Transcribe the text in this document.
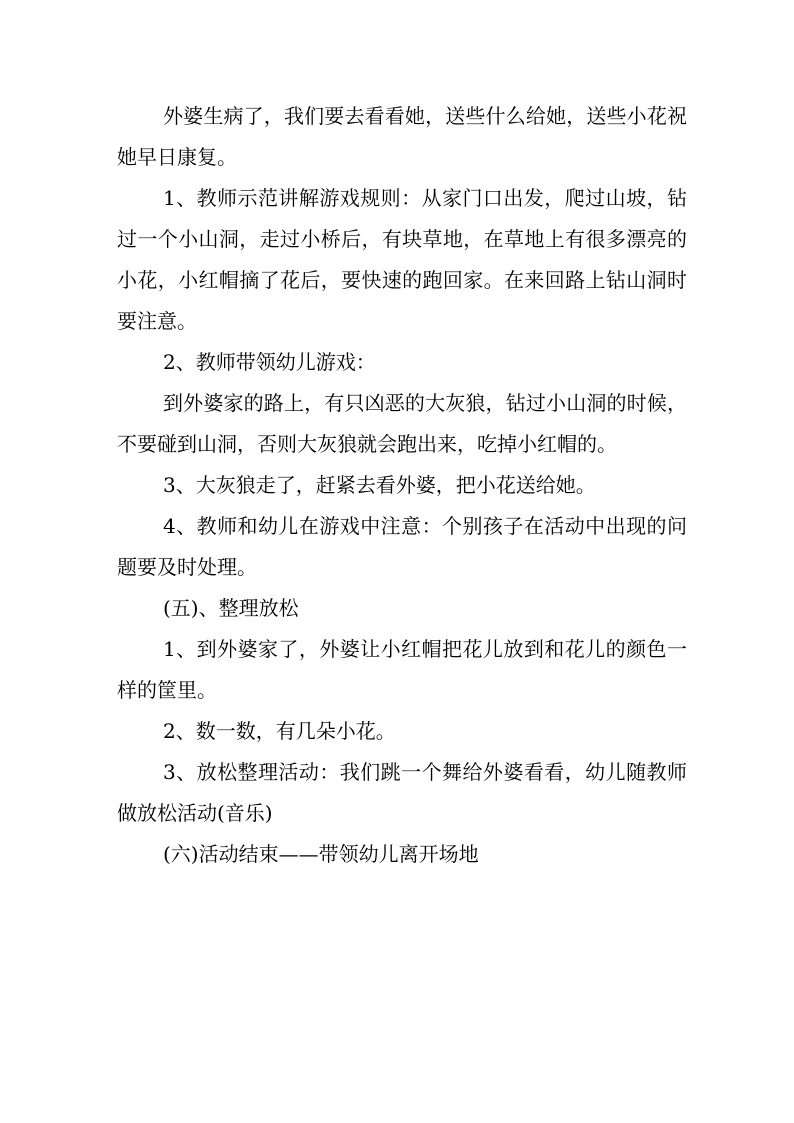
外婆生病了，我们要去看看她，送些什么给她，送些小花祝她早日康复。

1、教师示范讲解游戏规则：从家门口出发，爬过山坡，钻过一个小山洞，走过小桥后，有块草地，在草地上有很多漂亮的小花，小红帽摘了花后，要快速的跑回家。在来回路上钻山洞时要注意。

2、教师带领幼儿游戏：

到外婆家的路上，有只凶恶的大灰狼，钻过小山洞的时候，不要碰到山洞，否则大灰狼就会跑出来，吃掉小红帽的。

3、大灰狼走了，赶紧去看外婆，把小花送给她。

4、教师和幼儿在游戏中注意：个别孩子在活动中出现的问题要及时处理。

(五)、整理放松

1、到外婆家了，外婆让小红帽把花儿放到和花儿的颜色一样的筐里。

2、数一数，有几朵小花。

3、放松整理活动：我们跳一个舞给外婆看看，幼儿随教师做放松活动(音乐)

(六)活动结束——带领幼儿离开场地
